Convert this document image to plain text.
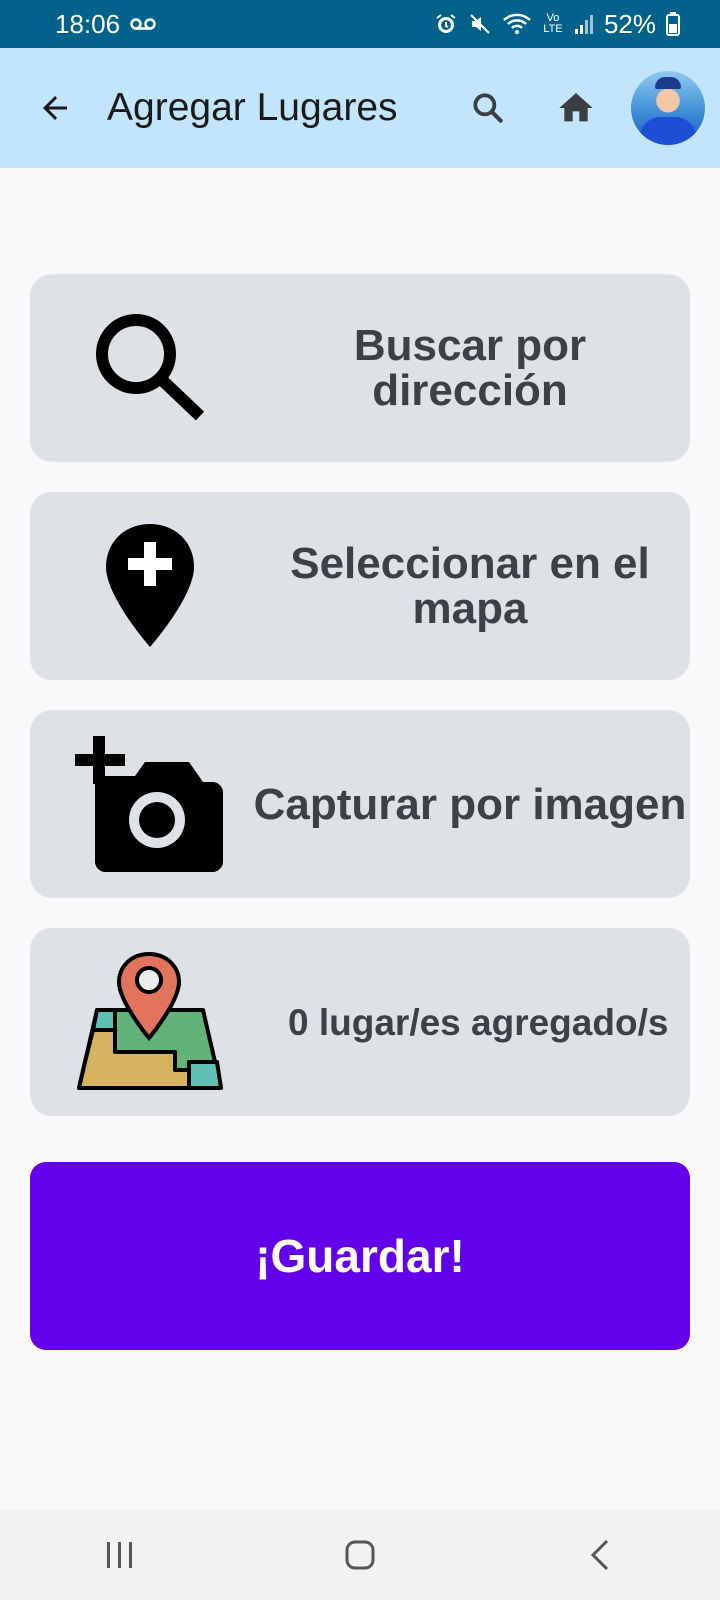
18:06	Vo LTE 52%
Agregar Lugares
Buscar por dirección
Seleccionar en el mapa
Capturar por imagen
0 lugar/es agregado/s
¡Guardar!
